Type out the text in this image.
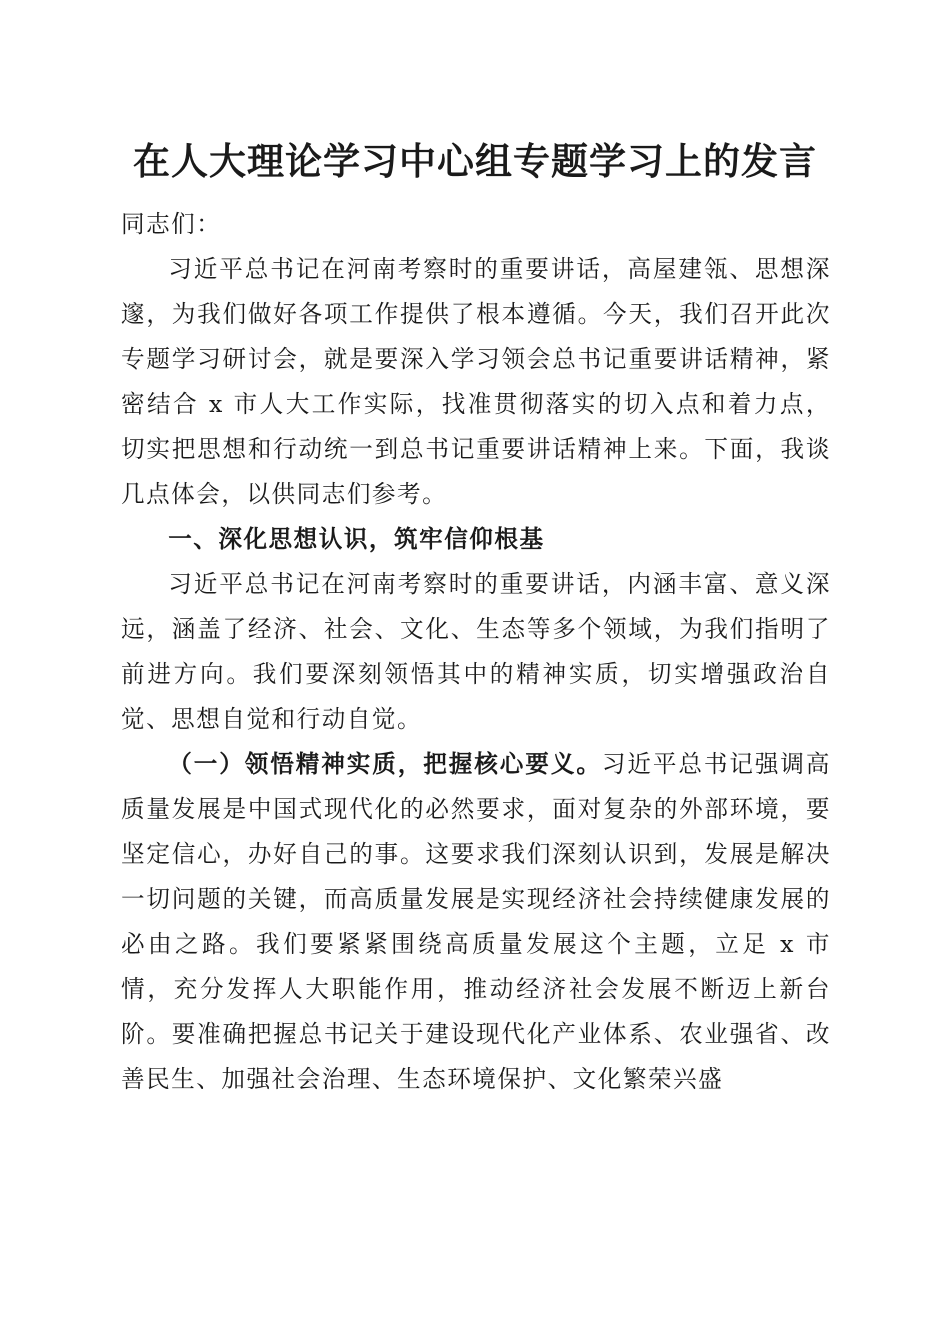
在人大理论学习中心组专题学习上的发言

同志们：

习近平总书记在河南考察时的重要讲话，高屋建瓴、思想深邃，为我们做好各项工作提供了根本遵循。今天，我们召开此次专题学习研讨会，就是要深入学习领会总书记重要讲话精神，紧密结合 x 市人大工作实际，找准贯彻落实的切入点和着力点，切实把思想和行动统一到总书记重要讲话精神上来。下面，我谈几点体会，以供同志们参考。

一、深化思想认识，筑牢信仰根基

习近平总书记在河南考察时的重要讲话，内涵丰富、意义深远，涵盖了经济、社会、文化、生态等多个领域，为我们指明了前进方向。我们要深刻领悟其中的精神实质，切实增强政治自觉、思想自觉和行动自觉。

（一）领悟精神实质，把握核心要义。习近平总书记强调高质量发展是中国式现代化的必然要求，面对复杂的外部环境，要坚定信心，办好自己的事。这要求我们深刻认识到，发展是解决一切问题的关键，而高质量发展是实现经济社会持续健康发展的必由之路。我们要紧紧围绕高质量发展这个主题，立足 x 市情，充分发挥人大职能作用，推动经济社会发展不断迈上新台阶。要准确把握总书记关于建设现代化产业体系、农业强省、改善民生、加强社会治理、生态环境保护、文化繁荣兴盛
